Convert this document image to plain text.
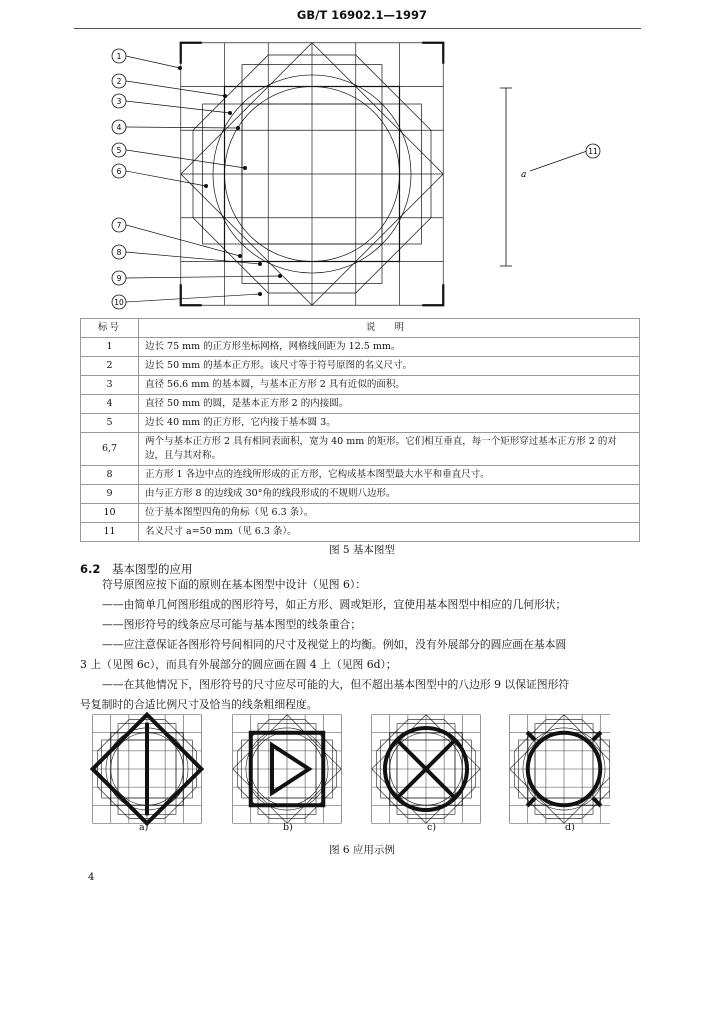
GB/T 16902.1—1997
1
2
3
4
5
6
7
8
9
10
a
11
标号	说 明
1	边长 75 mm 的正方形坐标网格，网格线间距为 12.5 mm。
2	边长 50 mm 的基本正方形。该尺寸等于符号原图的名义尺寸。
3	直径 56.6 mm 的基本圆，与基本正方形 2 具有近似的面积。
4	直径 50 mm 的圆，是基本正方形 2 的内接圆。
5	边长 40 mm 的正方形，它内接于基本圆 3。
6,7	两个与基本正方形 2 具有相同表面积，宽为 40 mm 的矩形。它们相互垂直，每一个矩形穿过基本正方形 2 的对边，且与其对称。
8	正方形 1 各边中点的连线所形成的正方形，它构成基本图型最大水平和垂直尺寸。
9	由与正方形 8 的边线成 30°角的线段形成的不规则八边形。
10	位于基本图型四角的角标（见 6.3 条）。
11	名义尺寸 a=50 mm（见 6.3 条）。
图 5 基本图型
6.2 基本图型的应用
符号原图应按下面的原则在基本图型中设计（见图 6）：
——由简单几何图形组成的图形符号，如正方形、圆或矩形，宜使用基本图型中相应的几何形状；
——图形符号的线条应尽可能与基本图型的线条重合；
——应注意保证各图形符号间相同的尺寸及视觉上的均衡。例如，没有外展部分的圆应画在基本圆
3 上（见图 6c），而具有外展部分的圆应画在圆 4 上（见图 6d）；
——在其他情况下，图形符号的尺寸应尽可能的大，但不超出基本图型中的八边形 9 以保证图形符
号复制时的合适比例尺寸及恰当的线条粗细程度。
a)	b)	c)	d)
图 6 应用示例
4
